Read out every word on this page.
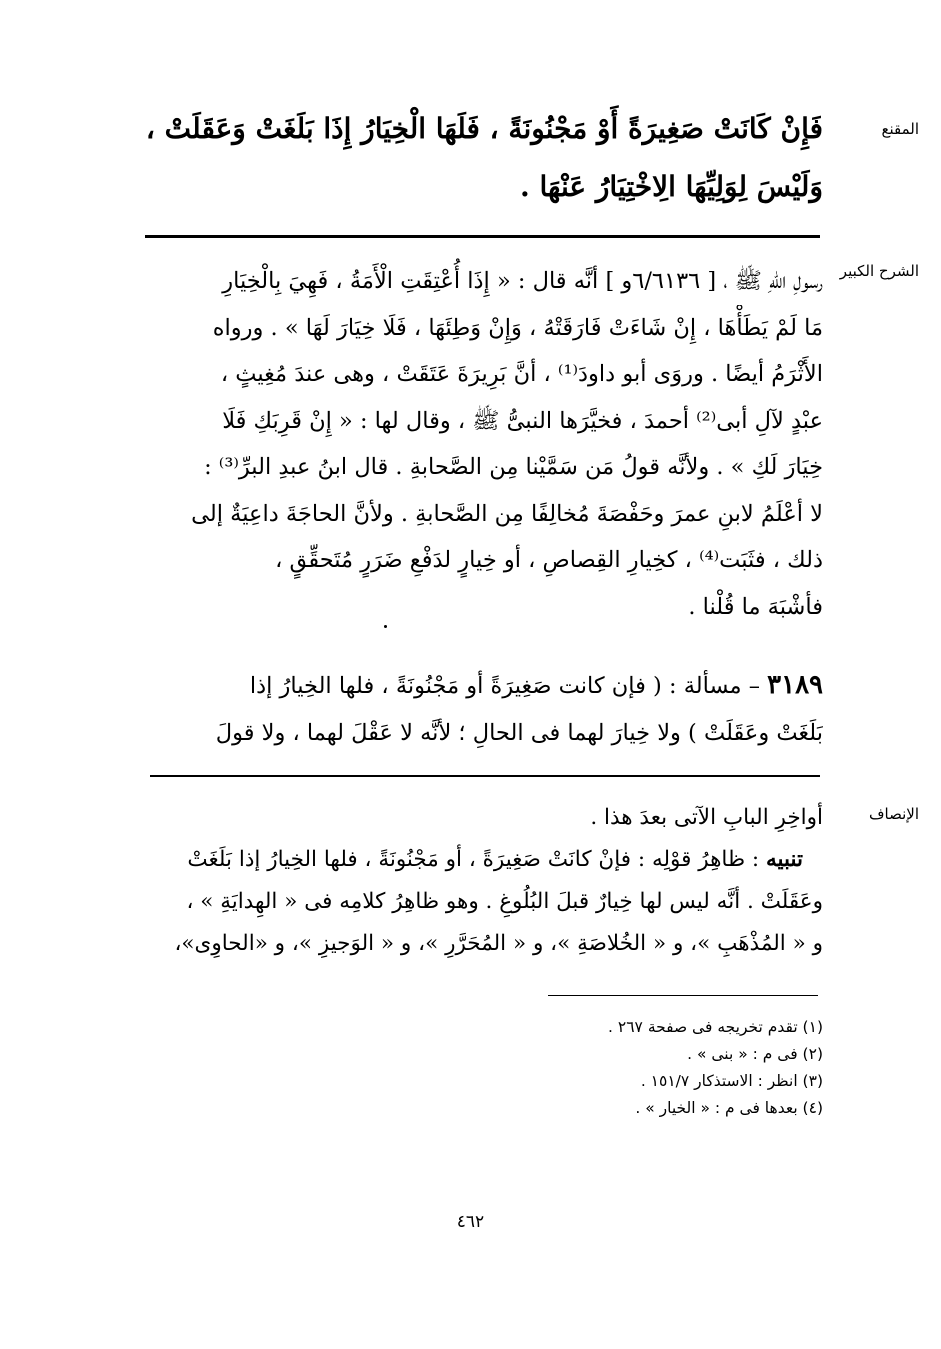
المقنع
فَإِنْ كَانَتْ صَغِيرَةً أَوْ مَجْنُونَةً ، فَلَهَا الْخِيَارُ إِذَا بَلَغَتْ وَعَقَلَتْ ،
وَلَيْسَ لِوَلِيِّهَا الِاخْتِيَارُ عَنْهَا .
الشرح الكبير
رسولِ اللهِ ﷺ ، [ ٦/٦١٣٦و ] أنَّه قال : « إِذَا أُعْتِقَتِ الْأَمَةُ ، فَهِيَ بِالْخِيَارِ
مَا لَمْ يَطَأْهَا ، إِنْ شَاءَتْ فَارَقَتْهُ ، وَإِنْ وَطِئَهَا ، فَلَا خِيَارَ لَهَا » . ورواه
الأَثْرَمُ أيضًا . وروَى أبو داودَ⁽¹⁾ ، أنَّ بَرِيرَةَ عَتَقَتْ ، وهى عندَ مُغِيثٍ ،
عبْدٍ لآلِ أبى⁽²⁾ أحمدَ ، فخيَّرَها النبىُّ ﷺ ، وقال لها : « إِنْ قَرِبَكِ فَلَا
خِيَارَ لَكِ » . ولأنَّه قولُ مَن سَمَّيْنا مِن الصَّحابةِ . قال ابنُ عبدِ البرِّ⁽³⁾ :
لا أعْلَمُ لابنِ عمرَ وحَفْصَةَ مُخالِفًا مِن الصَّحابةِ . ولأنَّ الحاجَةَ داعِيَةٌ إلى
ذلك ، فثَبَت⁽⁴⁾ ، كخِيارِ القِصاصِ ، أو خِيارٍ لدَفْعِ ضَرَرٍ مُتَحقِّقٍ ،
فأشْبَهَ ما قُلْنا .
٣١٨٩ – مسألة : ( فإن كانت صَغِيرَةً أو مَجْنُونَةً ، فلها الخِيارُ إذا
بَلَغَتْ وعَقَلَتْ ) ولا خِيارَ لهما فى الحالِ ؛ لأنَّه لا عَقْلَ لهما ، ولا قولَ
الإنصاف
أواخِرِ البابِ الآتى بعدَ هذا .
تنبيه : ظاهِرُ قوْلِه : فإنْ كانَتْ صَغِيرَةً ، أو مَجْنُونَةً ، فلها الخِيارُ إذا بَلَغَتْ
وعَقَلَتْ . أنَّه ليس لها خِيارٌ قبلَ البُلُوغِ . وهو ظاهِرُ كلامِه فى « الهِدايَةِ » ،
و « المُذْهَبِ »، و « الخُلاصَةِ »، و « المُحَرَّرِ »، و « الوَجيزِ »، و «الحاوِى»،
(١) تقدم تخريجه فى صفحة ٢٦٧ .
(٢) فى م : « بنى » .
(٣) انظر : الاستذكار ١٥١/٧ .
(٤) بعدها فى م : « الخيار » .
٤٦٢
